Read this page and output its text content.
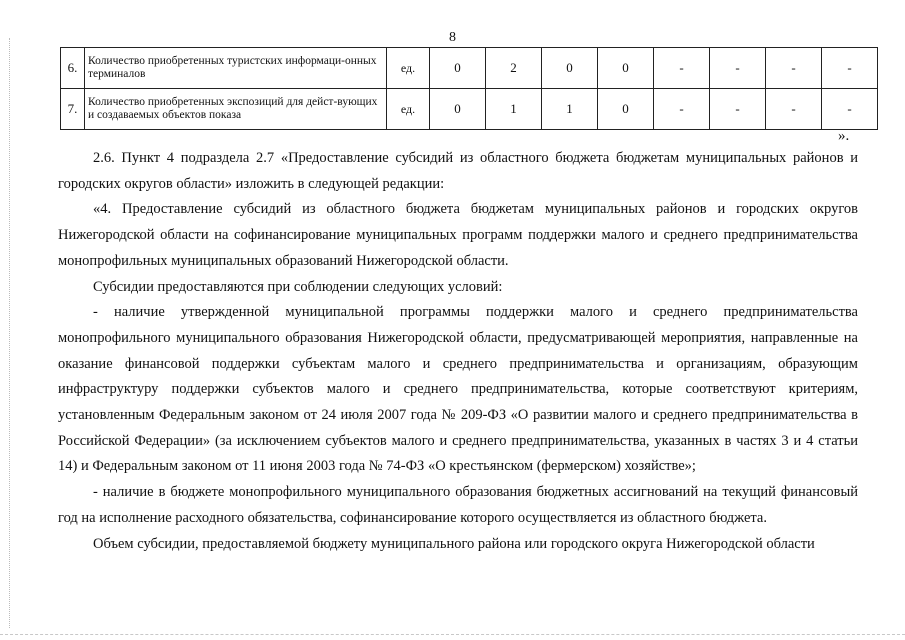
8
6.	Количество приобретенных туристских информаци-онных терминалов	ед.	0	2	0	0	-	-	-	-
7.	Количество приобретенных экспозиций для дейст-вующих и создаваемых объектов показа	ед.	0	1	1	0	-	-	-	-
».

2.6. Пункт 4 подраздела 2.7 «Предоставление субсидий из областного бюджета бюджетам муниципальных районов и городских округов области» изложить в следующей редакции:

«4. Предоставление субсидий из областного бюджета бюджетам муниципальных районов и городских округов Нижегородской области на софинансирование муниципальных программ поддержки малого и среднего предпринимательства монопрофильных муниципальных образований Нижегородской области.

Субсидии предоставляются при соблюдении следующих условий:

- наличие утвержденной муниципальной программы поддержки малого и среднего предпринимательства монопрофильного муниципального образования Нижегородской области, предусматривающей мероприятия, направленные на оказание финансовой поддержки субъектам малого и среднего предпринимательства и организациям, образующим инфраструктуру поддержки субъектов малого и среднего предпринимательства, которые соответствуют критериям, установленным Федеральным законом от 24 июля 2007 года № 209-ФЗ «О развитии малого и среднего предпринимательства в Российской Федерации» (за исключением субъектов малого и среднего предпринимательства, указанных в частях 3 и 4 статьи 14) и Федеральным законом от 11 июня 2003 года № 74-ФЗ «О крестьянском (фермерском) хозяйстве»;

- наличие в бюджете монопрофильного муниципального образования бюджетных ассигнований на текущий финансовый год на исполнение расходного обязательства, софинансирование которого осуществляется из областного бюджета.

Объем субсидии, предоставляемой бюджету муниципального района или городского округа Нижегородской области
